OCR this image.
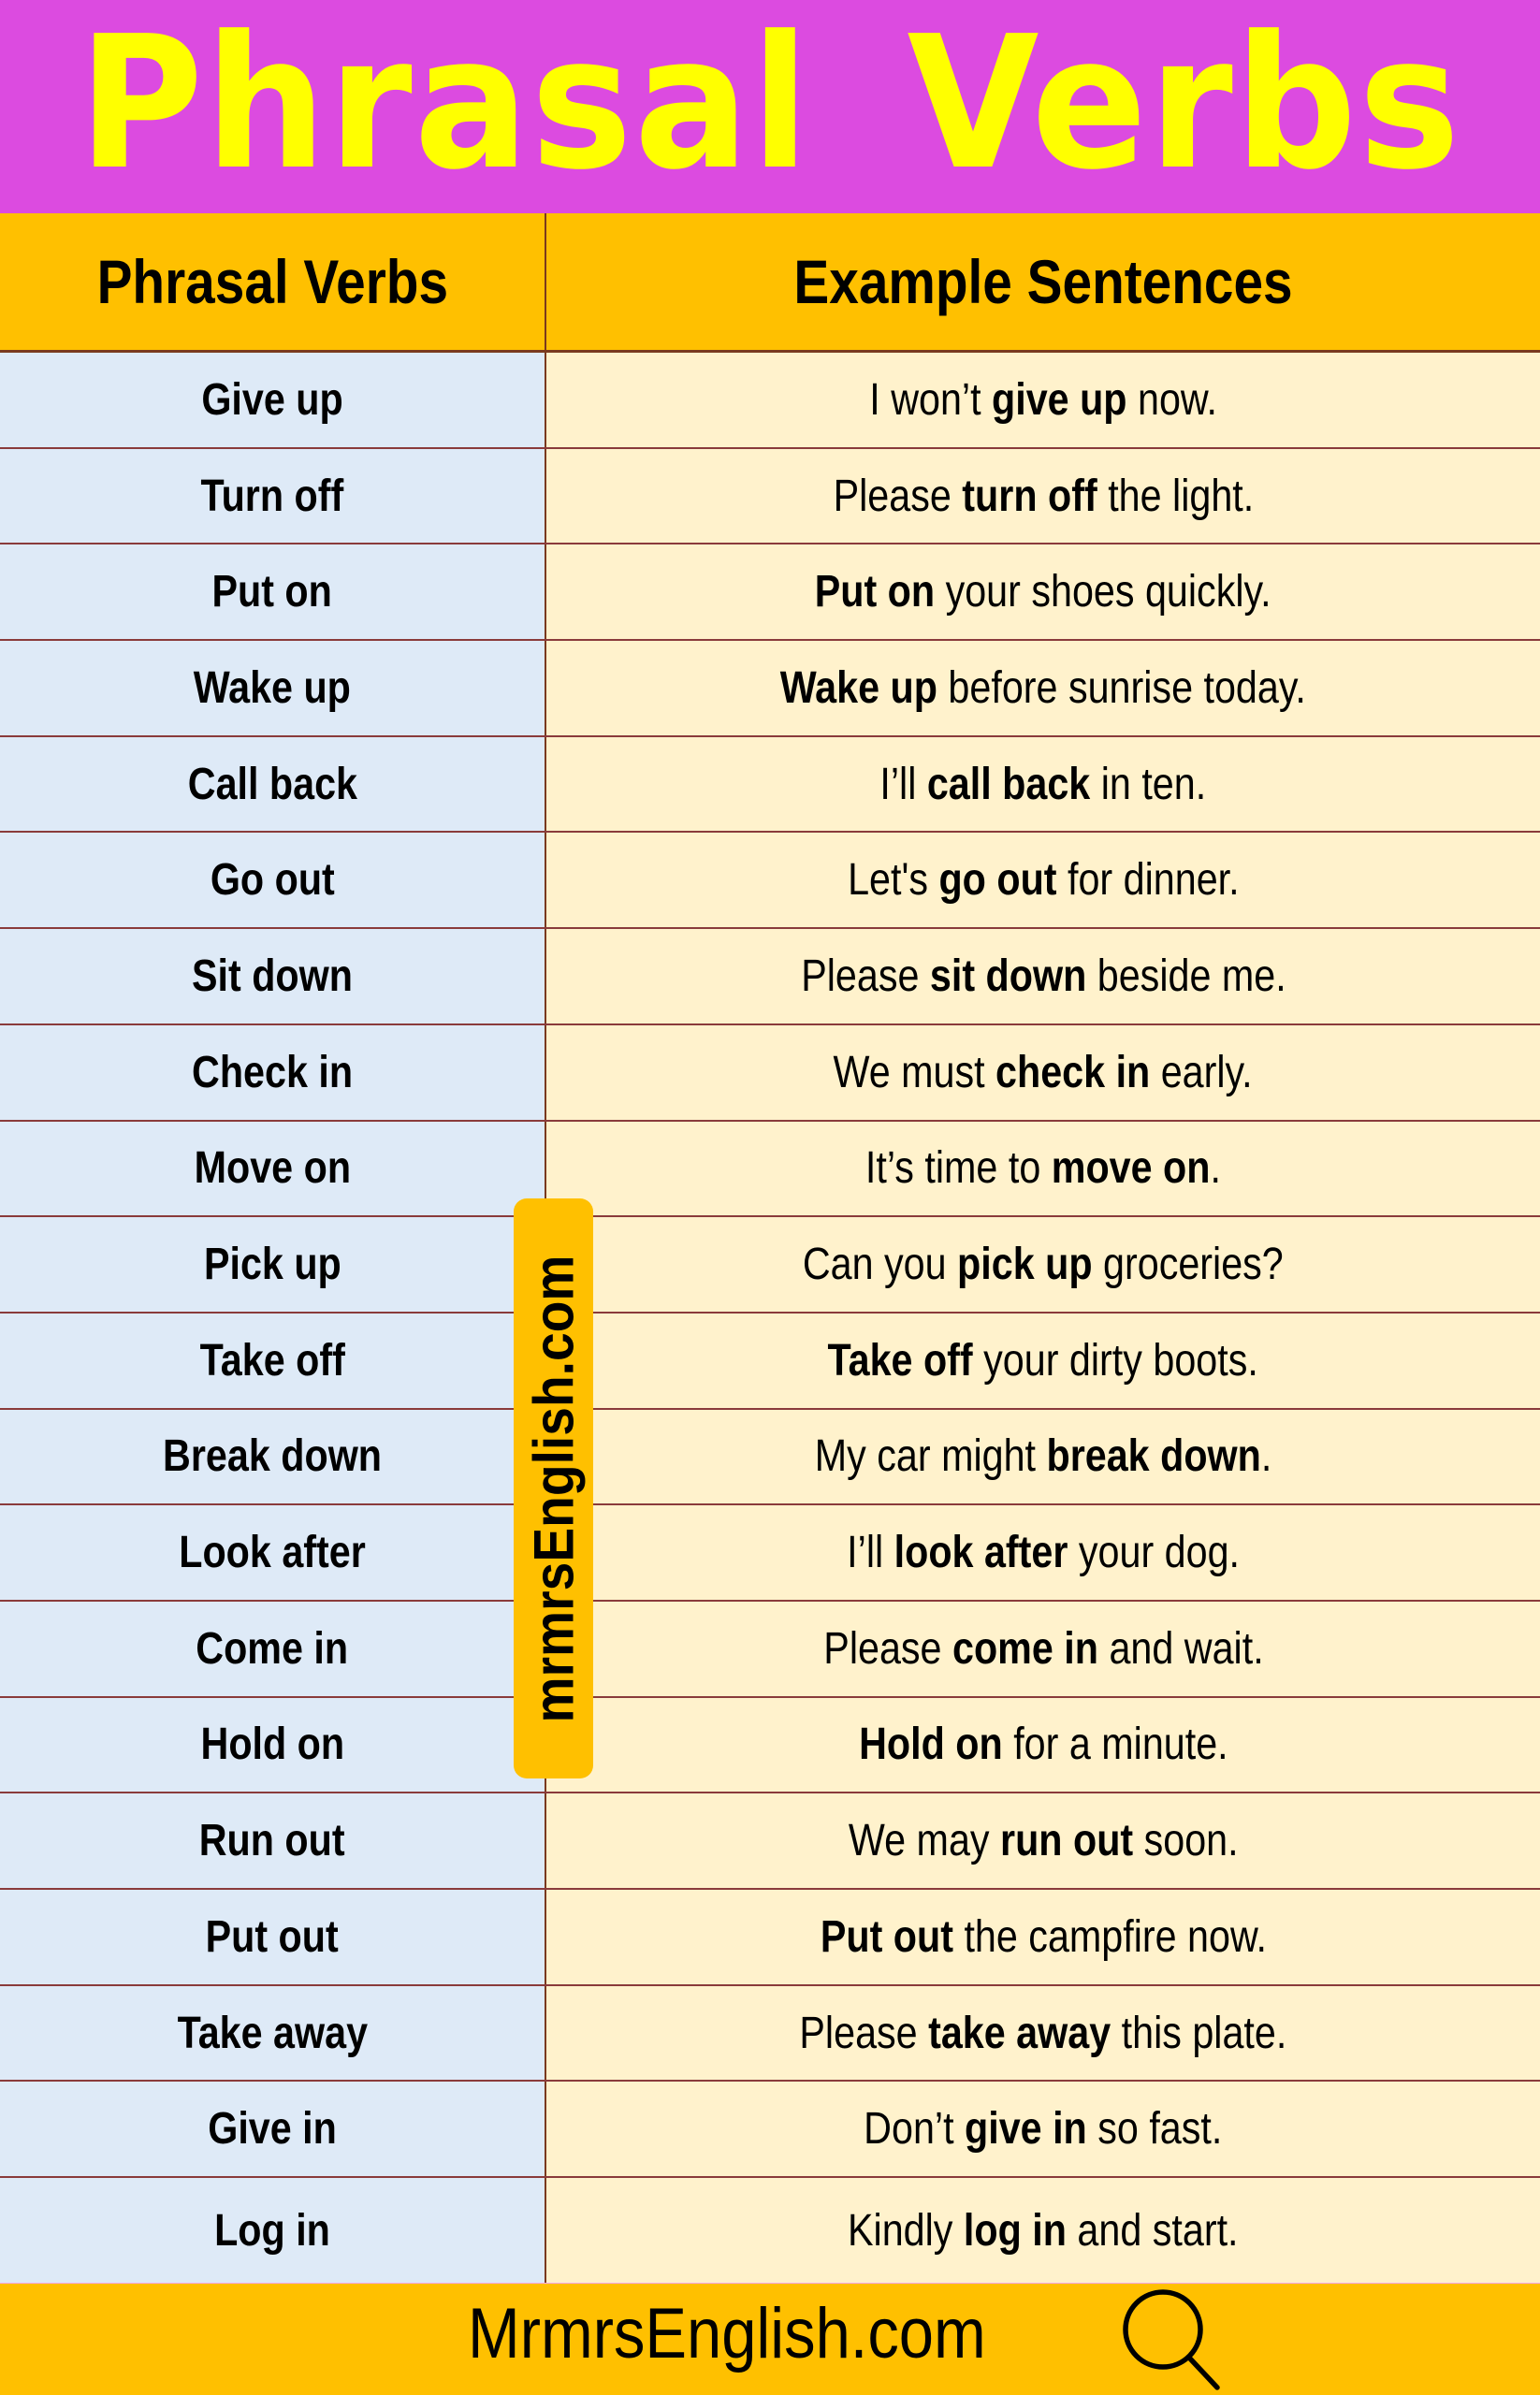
Phrasal Verbs
Phrasal Verbs	Example Sentences
Give up	I won’t give up now.
Turn off	Please turn off the light.
Put on	Put on your shoes quickly.
Wake up	Wake up before sunrise today.
Call back	I’ll call back in ten.
Go out	Let's go out for dinner.
Sit down	Please sit down beside me.
Check in	We must check in early.
Move on	It’s time to move on.
Pick up	Can you pick up groceries?
Take off	Take off your dirty boots.
Break down	My car might break down.
Look after	I’ll look after your dog.
Come in	Please come in and wait.
Hold on	Hold on for a minute.
Run out	We may run out soon.
Put out	Put out the campfire now.
Take away	Please take away this plate.
Give in	Don’t give in so fast.
Log in	Kindly log in and start.
mrmrsEnglish.com
MrmrsEnglish.com
